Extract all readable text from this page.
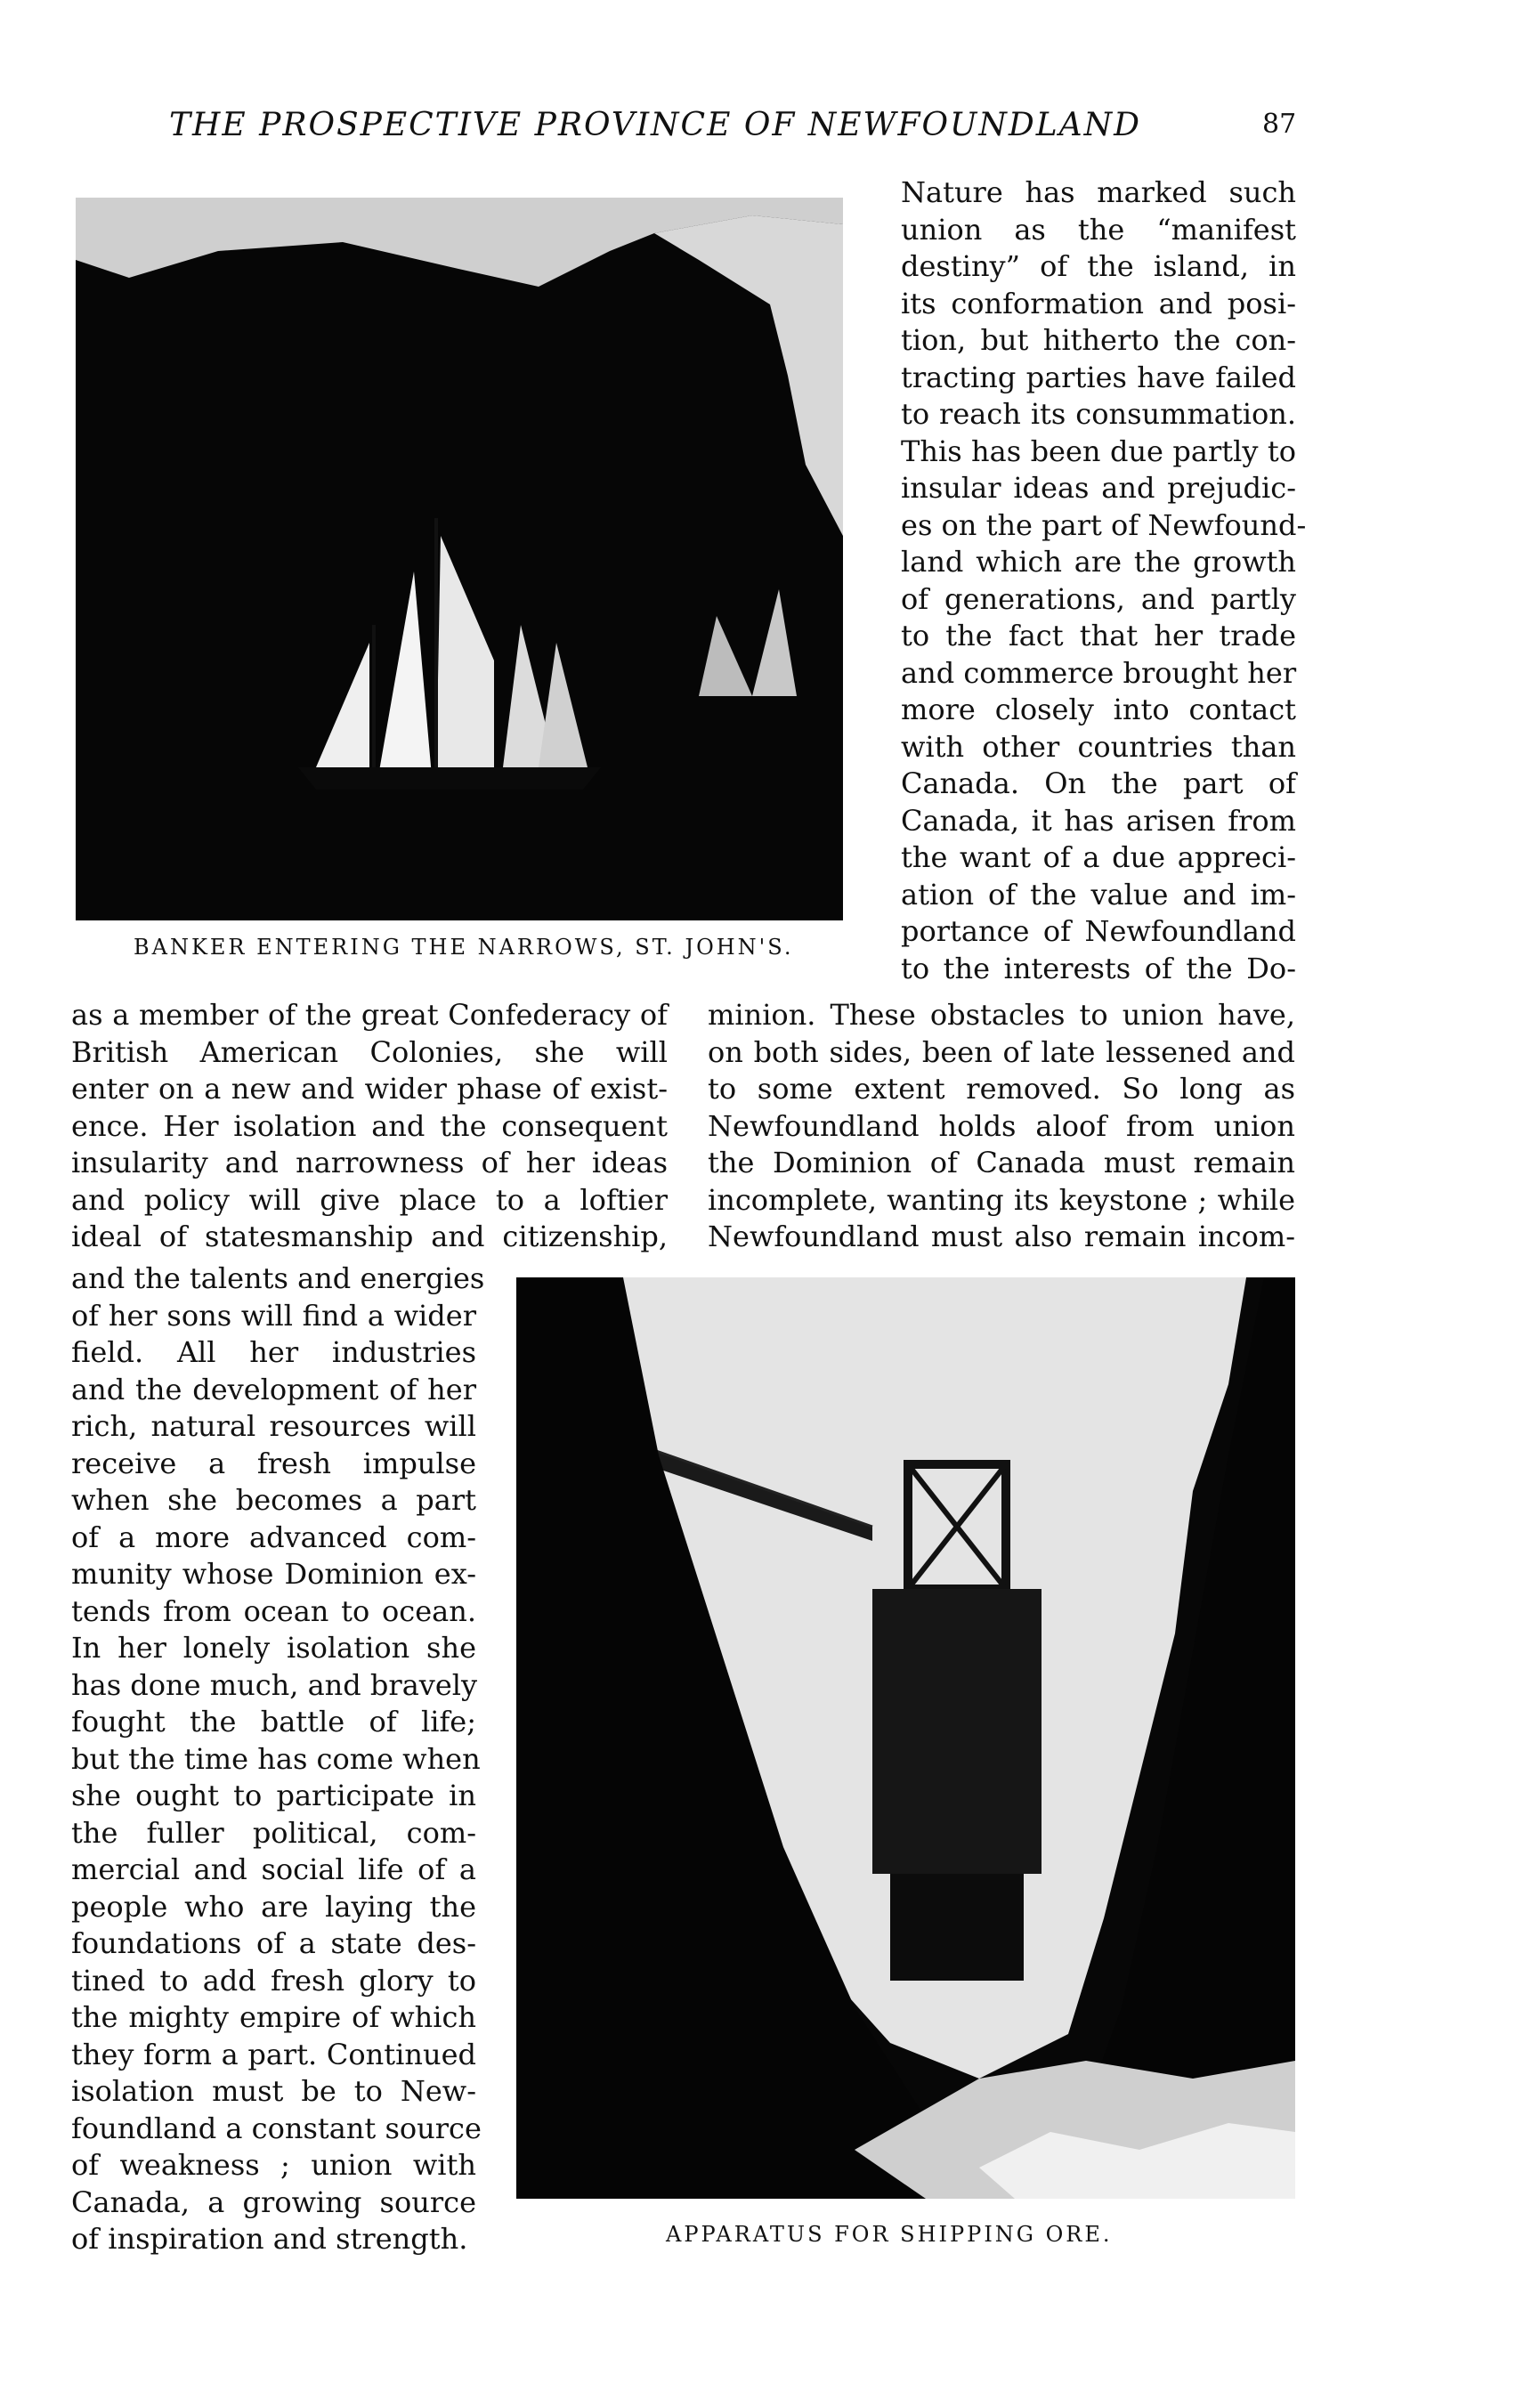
THE PROSPECTIVE PROVINCE OF NEWFOUNDLAND	87
BANKER ENTERING THE NARROWS, ST. JOHN'S.
Nature has marked such
union as the “manifest
destiny” of the island, in
its conformation and posi-
tion, but hitherto the con-
tracting parties have failed
to reach its consummation.
This has been due partly to
insular ideas and prejudic-
es on the part of Newfound-
land which are the growth
of generations, and partly
to the fact that her trade
and commerce brought her
more closely into contact
with other countries than
Canada. On the part of
Canada, it has arisen from
the want of a due appreci-
ation of the value and im-
portance of Newfoundland
to the interests of the Do-
as a member of the great Confederacy of
British American Colonies, she will
enter on a new and wider phase of exist-
ence. Her isolation and the consequent
insularity and narrowness of her ideas
and policy will give place to a loftier
ideal of statesmanship and citizenship,
minion. These obstacles to union have,
on both sides, been of late lessened and
to some extent removed. So long as
Newfoundland holds aloof from union
the Dominion of Canada must remain
incomplete, wanting its keystone ; while
Newfoundland must also remain incom-
and the talents and energies
of her sons will find a wider
field. All her industries
and the development of her
rich, natural resources will
receive a fresh impulse
when she becomes a part
of a more advanced com-
munity whose Dominion ex-
tends from ocean to ocean.
In her lonely isolation she
has done much, and bravely
fought the battle of life;
but the time has come when
she ought to participate in
the fuller political, com-
mercial and social life of a
people who are laying the
foundations of a state des-
tined to add fresh glory to
the mighty empire of which
they form a part. Continued
isolation must be to New-
foundland a constant source
of weakness ; union with
Canada, a growing source
of inspiration and strength.	APPARATUS FOR SHIPPING ORE.
